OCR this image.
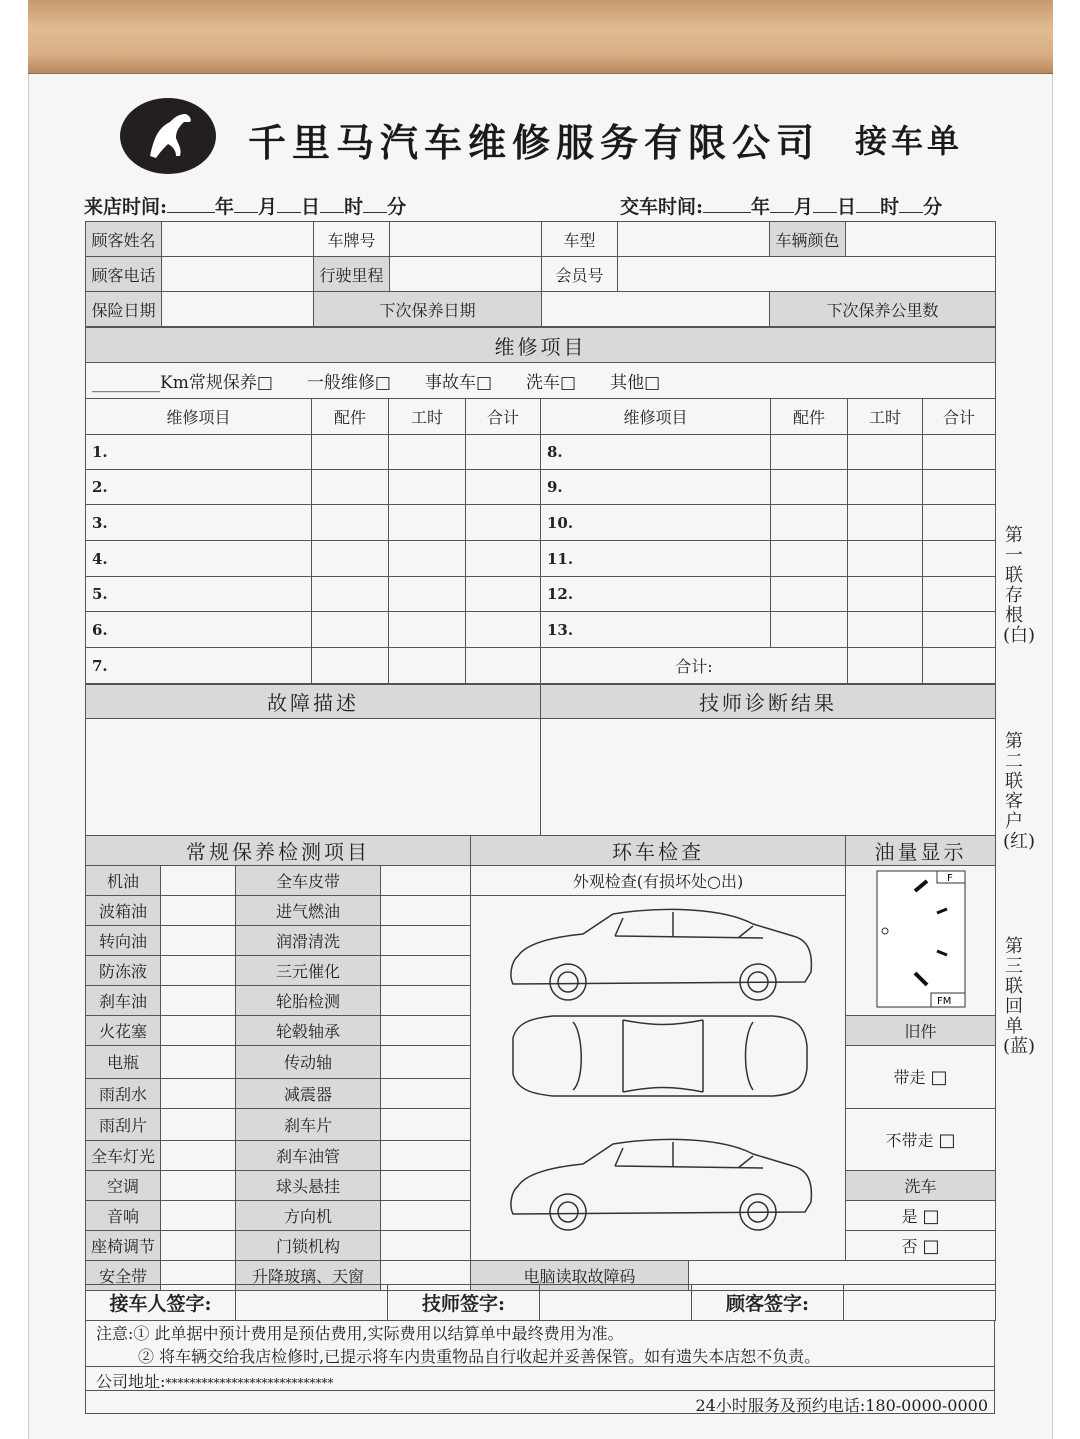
千里马汽车维修服务有限公司 接车单
来店时间:	年 月 日 时 分	交车时间:	年 月 日 时 分
顾客姓名		车牌号		车型		车辆颜色	
顾客电话		行驶里程		会员号			
保险日期		下次保养日期				下次保养公里数	
维修项目							
________Km常规保养□   一般维修□   事故车□   洗车□   其他□							
维修项目	配件	工时	合计	维修项目	配件	工时	合计
1.				8.			
2.				9.			
3.				10.			
4.				11.			
5.				12.			
6.				13.			
7.				合计:			
故障描述	技师诊断结果

常规保养检测项目				环车检查		油量显示
机油		全车皮带		外观检查(有损坏处○出)		F
FM

波箱油		进气燃油		
转向油		润滑清洗				
防冻液		三元催化				
刹车油		轮胎检测				
火花塞		轮毂轴承				旧件
电瓶		传动轴				带走 □
雨刮水		减震器				
雨刮片		刹车片				不带走 □
全车灯光		刹车油管				
空调		球头悬挂				洗车
音响		方向机				是 □
座椅调节		门锁机构				否 □
安全带		升降玻璃、天窗		电脑读取故障码		
接车人签字:		技师签字:		顾客签字:	
注意:① 此单据中预计费用是预估费用,实际费用以结算单中最终费用为准。
② 将车辆交给我店检修时,已提示将车内贵重物品自行收起并妥善保管。如有遗失本店恕不负责。
公司地址:****************************
24小时服务及预约电话:180-0000-0000
第一联 存根(白)
第二联 客户(红)
第三联 回单(蓝)
